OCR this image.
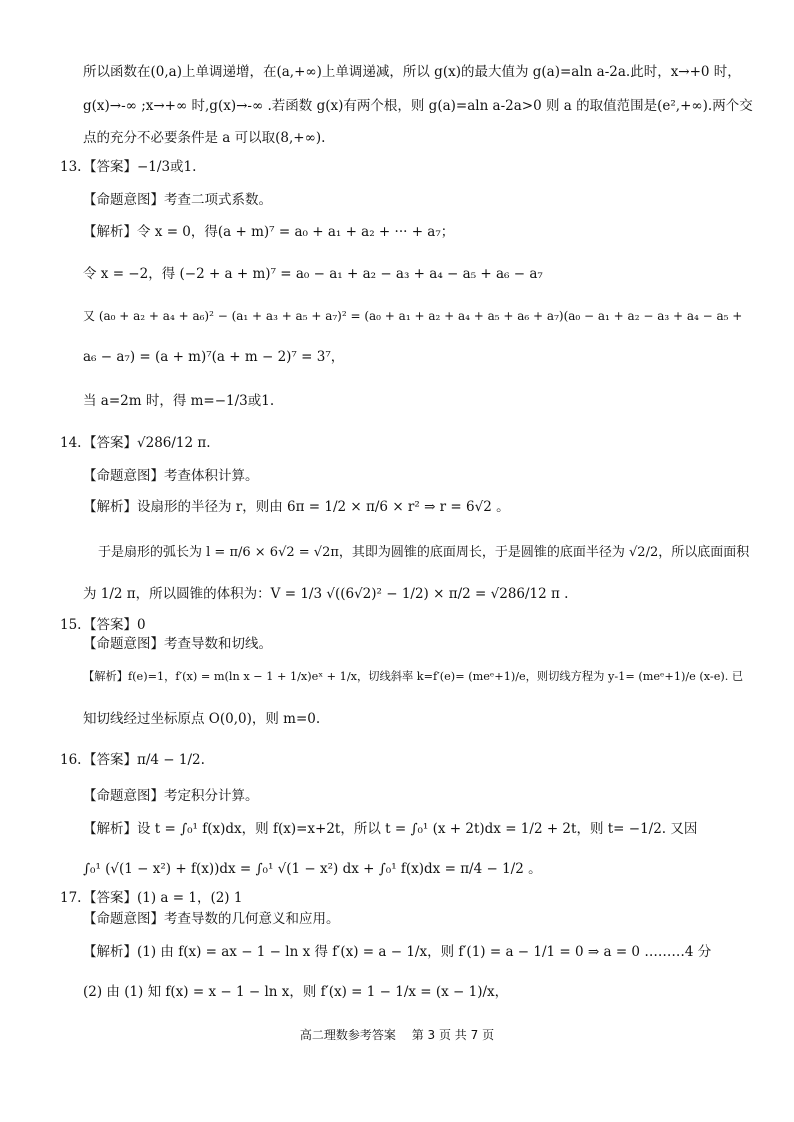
所以函数在(0,a)上单调递增，在(a,+∞)上单调递减，所以 g(x)的最大值为 g(a)=aln a-2a.此时，x→+0 时，
g(x)→-∞ ;x→+∞ 时,g(x)→-∞ .若函数 g(x)有两个根，则 g(a)=aln a-2a>0 则 a 的取值范围是(e²,+∞).两个交
点的充分不必要条件是 a 可以取(8,+∞).
13. 【答案】−1/3或1.
【命题意图】考查二项式系数。
【解析】令 x = 0，得(a + m)⁷ = a₀ + a₁ + a₂ + ··· + a₇；
令 x = −2，得 (−2 + a + m)⁷ = a₀ − a₁ + a₂ − a₃ + a₄ − a₅ + a₆ − a₇
又 (a₀ + a₂ + a₄ + a₆)² − (a₁ + a₃ + a₅ + a₇)² = (a₀ + a₁ + a₂ + a₄ + a₅ + a₆ + a₇)(a₀ − a₁ + a₂ − a₃ + a₄ − a₅ +
a₆ − a₇) = (a + m)⁷(a + m − 2)⁷ = 3⁷，
当 a=2m 时，得 m=−1/3或1.
14. 【答案】√286/12 π.
【命题意图】考查体积计算。
【解析】设扇形的半径为 r，则由 6π = 1/2 × π/6 × r² ⇒ r = 6√2 。
于是扇形的弧长为 l = π/6 × 6√2 = √2π，其即为圆锥的底面周长，于是圆锥的底面半径为 √2/2，所以底面面积
为 1/2 π，所以圆锥的体积为：V = 1/3 √((6√2)² − 1/2) × π/2 = √286/12 π .
15. 【答案】0
【命题意图】考查导数和切线。
【解析】f(e)=1，f′(x) = m(ln x − 1 + 1/x)eˣ + 1/x，切线斜率 k=f′(e)= (meᵉ+1)/e，则切线方程为 y-1= (meᵉ+1)/e (x-e). 已
知切线经过坐标原点 O(0,0)，则 m=0.
16. 【答案】π/4 − 1/2.
【命题意图】考定积分计算。
【解析】设 t = ∫₀¹ f(x)dx，则 f(x)=x+2t，所以 t = ∫₀¹ (x + 2t)dx = 1/2 + 2t，则 t= −1/2. 又因
∫₀¹ (√(1 − x²) + f(x))dx = ∫₀¹ √(1 − x²) dx + ∫₀¹ f(x)dx = π/4 − 1/2 。
17. 【答案】(1) a = 1，(2) 1
【命题意图】考查导数的几何意义和应用。
【解析】(1) 由 f(x) = ax − 1 − ln x 得 f′(x) = a − 1/x，则 f′(1) = a − 1/1 = 0 ⇒ a = 0 ………4 分
(2) 由 (1) 知 f(x) = x − 1 − ln x，则 f′(x) = 1 − 1/x = (x − 1)/x，
高二理数参考答案　 第 3 页 共 7 页
